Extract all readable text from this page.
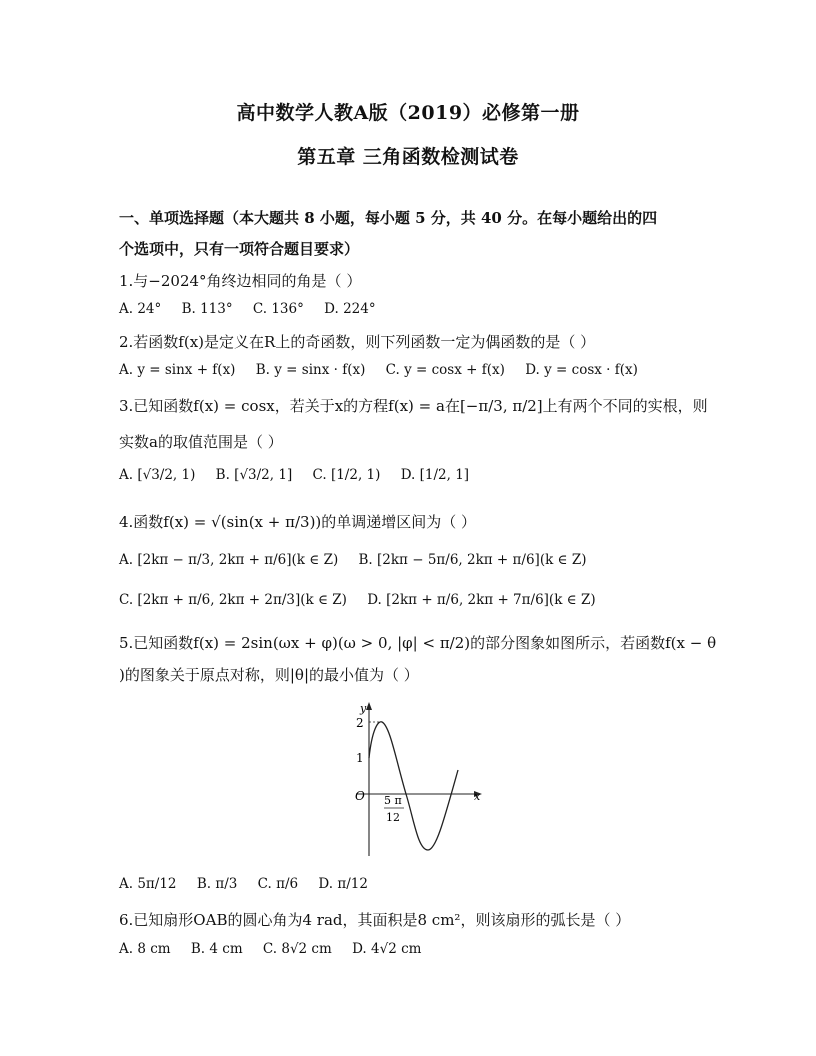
高中数学人教A版（2019）必修第一册
第五章 三角函数检测试卷
一、单项选择题（本大题共 8 小题，每小题 5 分，共 40 分。在每小题给出的四
个选项中，只有一项符合题目要求）
1.与−2024°角终边相同的角是（ ）
A. 24° B. 113° C. 136° D. 224°
2.若函数f(x)是定义在R上的奇函数，则下列函数一定为偶函数的是（ ）
A. y = sinx + f(x) B. y = sinx · f(x) C. y = cosx + f(x) D. y = cosx · f(x)
3.已知函数f(x) = cosx，若关于x的方程f(x) = a在[−π/3, π/2]上有两个不同的实根，则
实数a的取值范围是（ ）
A. [√3/2, 1) B. [√3/2, 1] C. [1/2, 1) D. [1/2, 1]
4.函数f(x) = √(sin(x + π/3))的单调递增区间为（ ）
A. [2kπ − π/3, 2kπ + π/6](k ∈ Z) B. [2kπ − 5π/6, 2kπ + π/6](k ∈ Z)
C. [2kπ + π/6, 2kπ + 2π/3](k ∈ Z) D. [2kπ + π/6, 2kπ + 7π/6](k ∈ Z)
5.已知函数f(x) = 2sin(ωx + φ)(ω > 0, |φ| < π/2)的部分图象如图所示，若函数f(x − θ
)的图象关于原点对称，则|θ|的最小值为（ ）
y
2
1
O	x
5 π
12
A. 5π/12 B. π/3 C. π/6 D. π/12
6.已知扇形OAB的圆心角为4 rad，其面积是8 cm²，则该扇形的弧长是（ ）
A. 8 cm B. 4 cm C. 8√2 cm D. 4√2 cm
